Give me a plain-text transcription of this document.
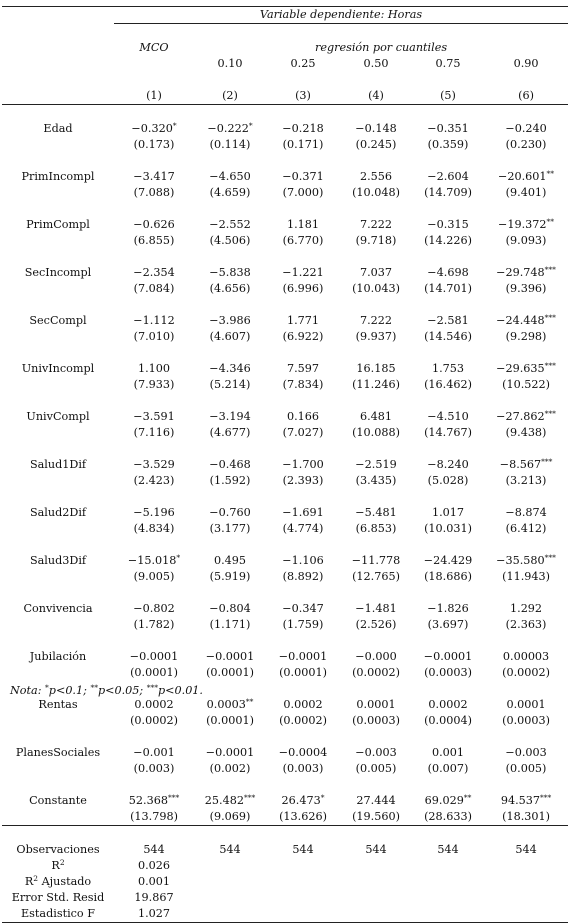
	Variable dependiente: Horas					

	MCO	regresión por cuantiles				
		0.10	0.25	0.50	0.75	0.90

	(1)	(2)	(3)	(4)	(5)	(6)

Edad	−0.320*	−0.222*	−0.218	−0.148	−0.351	−0.240
	(0.173)	(0.114)	(0.171)	(0.245)	(0.359)	(0.230)

PrimIncompl	−3.417	−4.650	−0.371	2.556	−2.604	−20.601**
	(7.088)	(4.659)	(7.000)	(10.048)	(14.709)	(9.401)

PrimCompl	−0.626	−2.552	1.181	7.222	−0.315	−19.372**
	(6.855)	(4.506)	(6.770)	(9.718)	(14.226)	(9.093)

SecIncompl	−2.354	−5.838	−1.221	7.037	−4.698	−29.748***
	(7.084)	(4.656)	(6.996)	(10.043)	(14.701)	(9.396)

SecCompl	−1.112	−3.986	1.771	7.222	−2.581	−24.448***
	(7.010)	(4.607)	(6.922)	(9.937)	(14.546)	(9.298)

UnivIncompl	1.100	−4.346	7.597	16.185	1.753	−29.635***
	(7.933)	(5.214)	(7.834)	(11.246)	(16.462)	(10.522)

UnivCompl	−3.591	−3.194	0.166	6.481	−4.510	−27.862***
	(7.116)	(4.677)	(7.027)	(10.088)	(14.767)	(9.438)

Salud1Dif	−3.529	−0.468	−1.700	−2.519	−8.240	−8.567***
	(2.423)	(1.592)	(2.393)	(3.435)	(5.028)	(3.213)

Salud2Dif	−5.196	−0.760	−1.691	−5.481	1.017	−8.874
	(4.834)	(3.177)	(4.774)	(6.853)	(10.031)	(6.412)

Salud3Dif	−15.018*	0.495	−1.106	−11.778	−24.429	−35.580***
	(9.005)	(5.919)	(8.892)	(12.765)	(18.686)	(11.943)

Convivencia	−0.802	−0.804	−0.347	−1.481	−1.826	1.292
	(1.782)	(1.171)	(1.759)	(2.526)	(3.697)	(2.363)

Jubilación	−0.0001	−0.0001	−0.0001	−0.000	−0.0001	0.00003
	(0.0001)	(0.0001)	(0.0001)	(0.0002)	(0.0003)	(0.0002)

Rentas	0.0002	0.0003**	0.0002	0.0001	0.0002	0.0001
	(0.0002)	(0.0001)	(0.0002)	(0.0003)	(0.0004)	(0.0003)

PlanesSociales	−0.001	−0.0001	−0.0004	−0.003	0.001	−0.003
	(0.003)	(0.002)	(0.003)	(0.005)	(0.007)	(0.005)

Constante	52.368***	25.482***	26.473*	27.444	69.029**	94.537***
	(13.798)	(9.069)	(13.626)	(19.560)	(28.633)	(18.301)

Observaciones	544	544	544	544	544	544
$R^2$	0.026					
$R^2$ Ajustado	0.001					
Error Std. Resid	19.867					
Estadistico F	1.027					
Nota: *p<0.1; **p<0.05; ***p<0.01.
